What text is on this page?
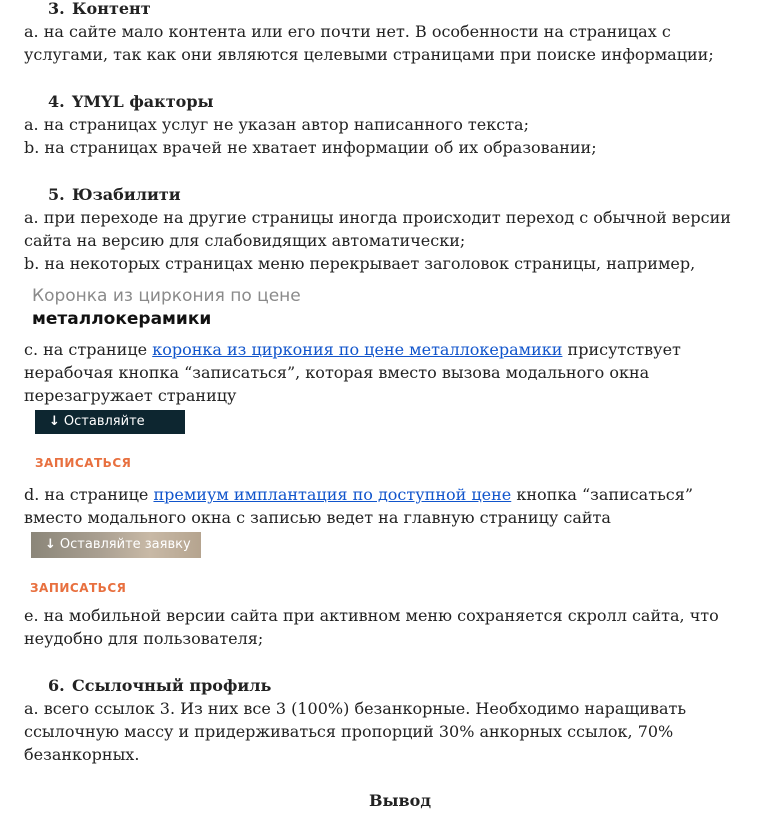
3. Контент

a. на сайте мало контента или его почти нет. В особенности на страницах с услугами, так как они являются целевыми страницами при поиске информации;

4. YMYL факторы

a. на страницах услуг не указан автор написанного текста;

b. на страницах врачей не хватает информации об их образовании;

5. Юзабилити

a. при переходе на другие страницы иногда происходит переход с обычной версии сайта на версию для слабовидящих автоматически;

b. на некоторых страницах меню перекрывает заголовок страницы, например,

Коронка из циркония по цене
металлокерамики

c. на странице коронка из циркония по цене металлокерамики присутствует нерабочая кнопка “записаться”, которая вместо вызова модального окна перезагружает страницу

↓ Оставляйте заявку
ЗАПИСАТЬСЯ

d. на странице премиум имплантация по доступной цене кнопка “записаться” вместо модального окна с записью ведет на главную страницу сайта

↓ Оставляйте заявку
ЗАПИСАТЬСЯ

e. на мобильной версии сайта при активном меню сохраняется скролл сайта, что неудобно для пользователя;

6. Ссылочный профиль

a. всего ссылок 3. Из них все 3 (100%) безанкорные. Необходимо наращивать ссылочную массу и придерживаться пропорций 30% анкорных ссылок, 70% безанкорных.

Вывод
